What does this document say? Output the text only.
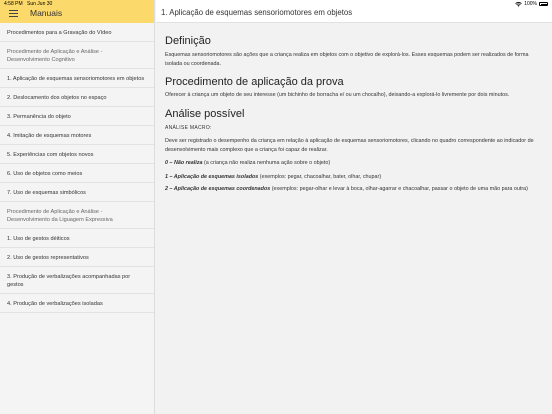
4:58 PM Sun Jun 30	100%
Manuais
Procedimentos para a Gravação do Vídeo
Procedimento de Aplicação e Análise - Desenvolvimento Cognitivo
1. Aplicação de esquemas sensoriomotores em objetos
2. Deslocamento dos objetos no espaço
3. Permanência do objeto
4. Imitação de esquemas motores
5. Experiências com objetos novos
6. Uso de objetos como meios
7. Uso de esquemas simbólicos
Procedimento de Aplicação e Análise - Desenvolvimento da Liguagem Expressiva
1. Uso de gestos déiticos
2. Uso de gestos representativos
3. Produção de verbalizações acompanhadas por gestos
4. Produção de verbalizações isoladas
1. Aplicação de esquemas sensoriomotores em objetos
Definição

Esquemas sensoriomotores são ações que a criança realiza em objetos com o objetivo de explorá-los. Esses esquemas podem ser realizados de forma isolada ou coordenada.

Procedimento de aplicação da prova

Oferecer à criança um objeto de seu interesse (um bichinho de borracha e/ ou um chocalho), deixando-a explorá-lo livremente por dois minutos.

Análise possível

ANÁLISE MACRO:

Deve ser registrado o desempenho da criança em relação à aplicação de esquemas sensoriomotores, clicando no quadro correspondente ao indicador de desenvolvimento mais complexo que a criança foi capaz de realizar.

0 – Não realiza (a criança não realiza nenhuma ação sobre o objeto)

1 – Aplicação de esquemas isolados (exemplos: pegar, chacoalhar, bater, olhar, chupar)

2 – Aplicação de esquemas coordenados (exemplos: pegar-olhar e levar à boca, olhar-agarrar e chacoalhar, passar o objeto de uma mão para outra)
